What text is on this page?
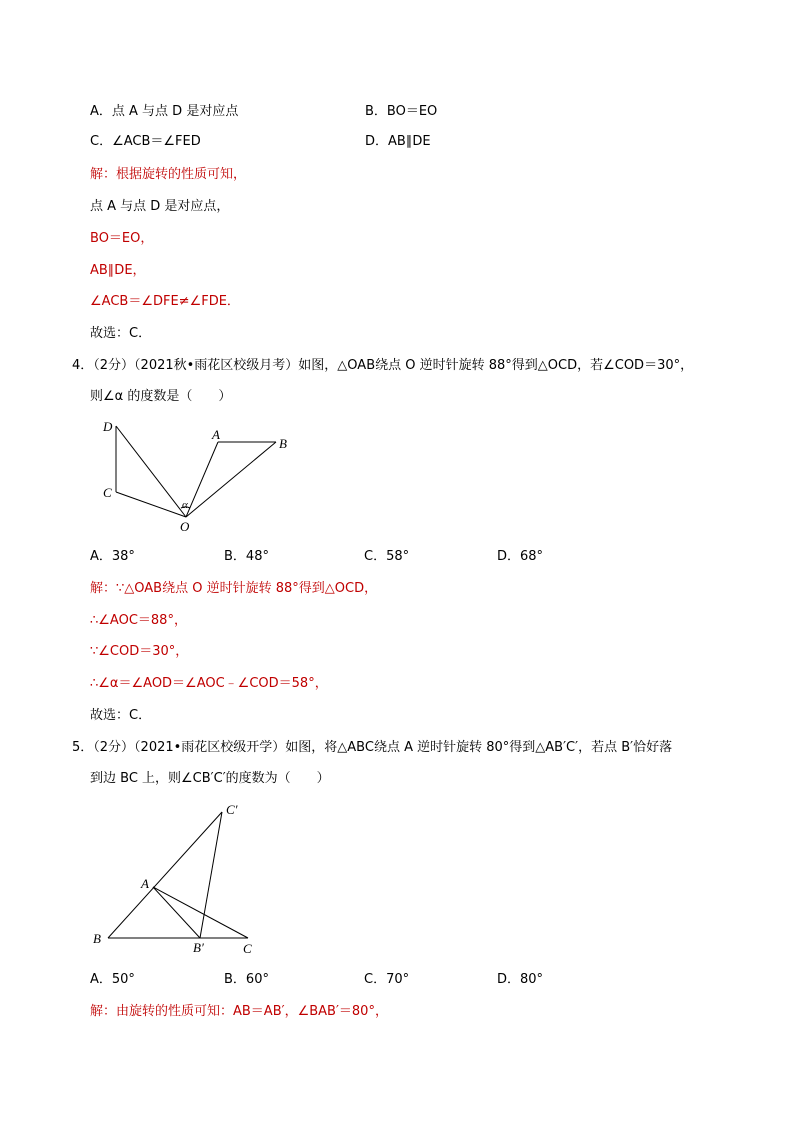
A．点 A 与点 D 是对应点	B．BO＝EO
C．∠ACB＝∠FED	D．AB∥DE
解：根据旋转的性质可知，
点 A 与点 D 是对应点，
BO＝EO，
AB∥DE，
∠ACB＝∠DFE≠∠FDE．
故选：C．
4．（2分）（2021秋•雨花区校级月考）如图，△OAB绕点 O 逆时针旋转 88°得到△OCD，若∠COD＝30°，
则∠α 的度数是（　　）
D
C
A
B
O
α
A．38°	B．48°	C．58°	D．68°
解：∵△OAB绕点 O 逆时针旋转 88°得到△OCD，
∴∠AOC＝88°，
∵∠COD＝30°，
∴∠α＝∠AOD＝∠AOC﹣∠COD＝58°，
故选：C．
5．（2分）（2021•雨花区校级开学）如图，将△ABC绕点 A 逆时针旋转 80°得到△AB′C′，若点 B′恰好落
到边 BC 上，则∠CB′C′的度数为（　　）
C′
A
B
B′	C
A．50°	B．60°	C．70°	D．80°
解：由旋转的性质可知：AB＝AB′，∠BAB′＝80°，
